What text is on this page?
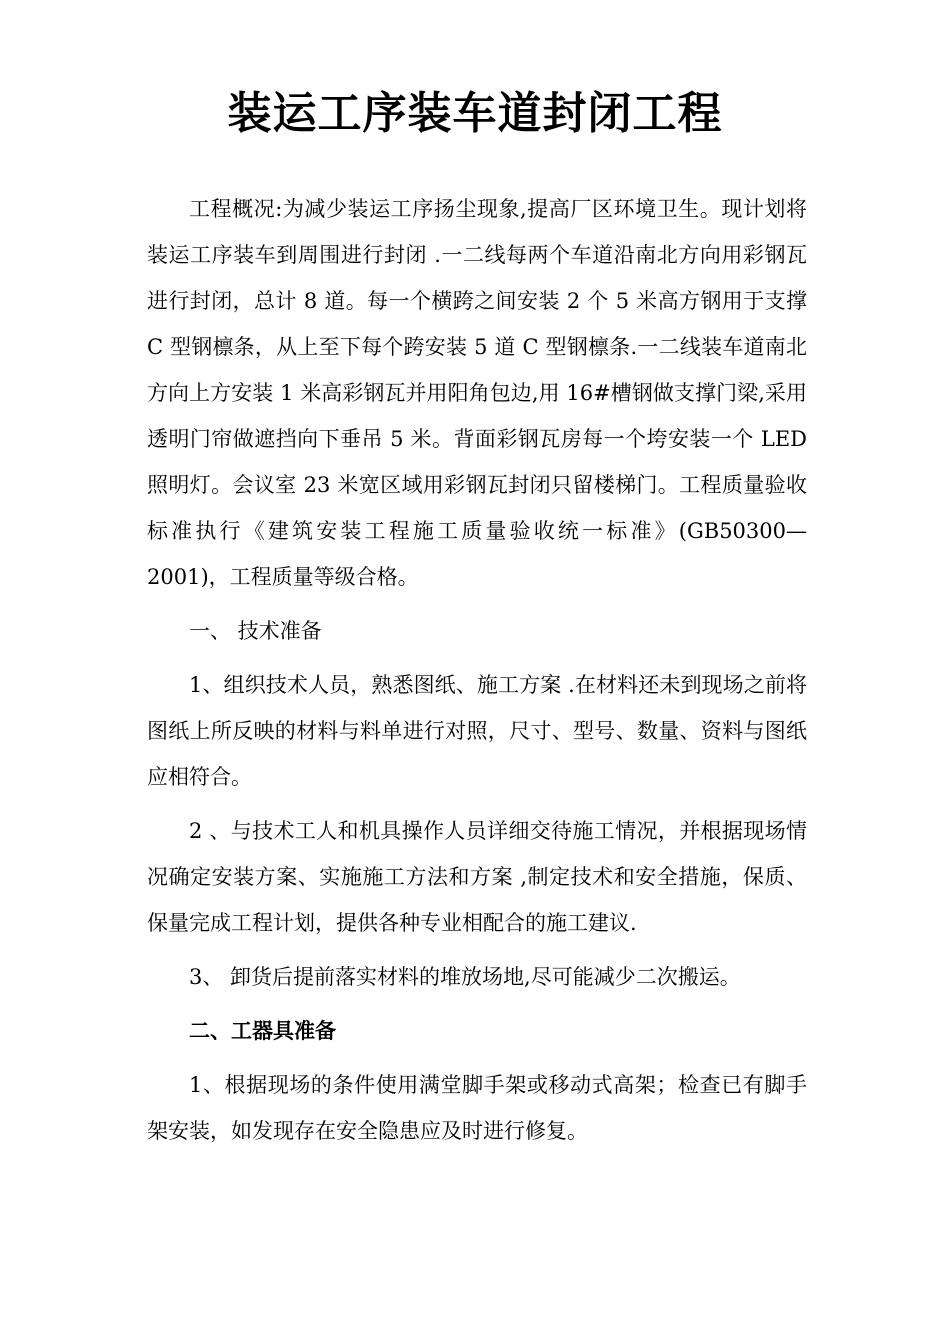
装运工序装车道封闭工程

工程概况:为减少装运工序扬尘现象,提高厂区环境卫生。现计划将装运工序装车到周围进行封闭 .一二线每两个车道沿南北方向用彩钢瓦进行封闭，总计 8 道。每一个横跨之间安装 2 个 5 米高方钢用于支撑 C 型钢檩条，从上至下每个跨安装 5 道 C 型钢檩条.一二线装车道南北方向上方安装 1 米高彩钢瓦并用阳角包边,用 16#槽钢做支撑门梁,采用透明门帘做遮挡向下垂吊 5 米。背面彩钢瓦房每一个垮安装一个 LED 照明灯。会议室 23 米宽区域用彩钢瓦封闭只留楼梯门。工程质量验收标准执行《建筑安装工程施工质量验收统一标准》(GB50300—2001)，工程质量等级合格。

一、 技术准备

1、组织技术人员，熟悉图纸、施工方案 .在材料还未到现场之前将图纸上所反映的材料与料单进行对照，尺寸、型号、数量、资料与图纸应相符合。

2 、与技术工人和机具操作人员详细交待施工情况，并根据现场情况确定安装方案、实施施工方法和方案 ,制定技术和安全措施，保质、保量完成工程计划，提供各种专业相配合的施工建议.

3、 卸货后提前落实材料的堆放场地,尽可能减少二次搬运。

二、工器具准备

1、根据现场的条件使用满堂脚手架或移动式高架；检查已有脚手架安装，如发现存在安全隐患应及时进行修复。
